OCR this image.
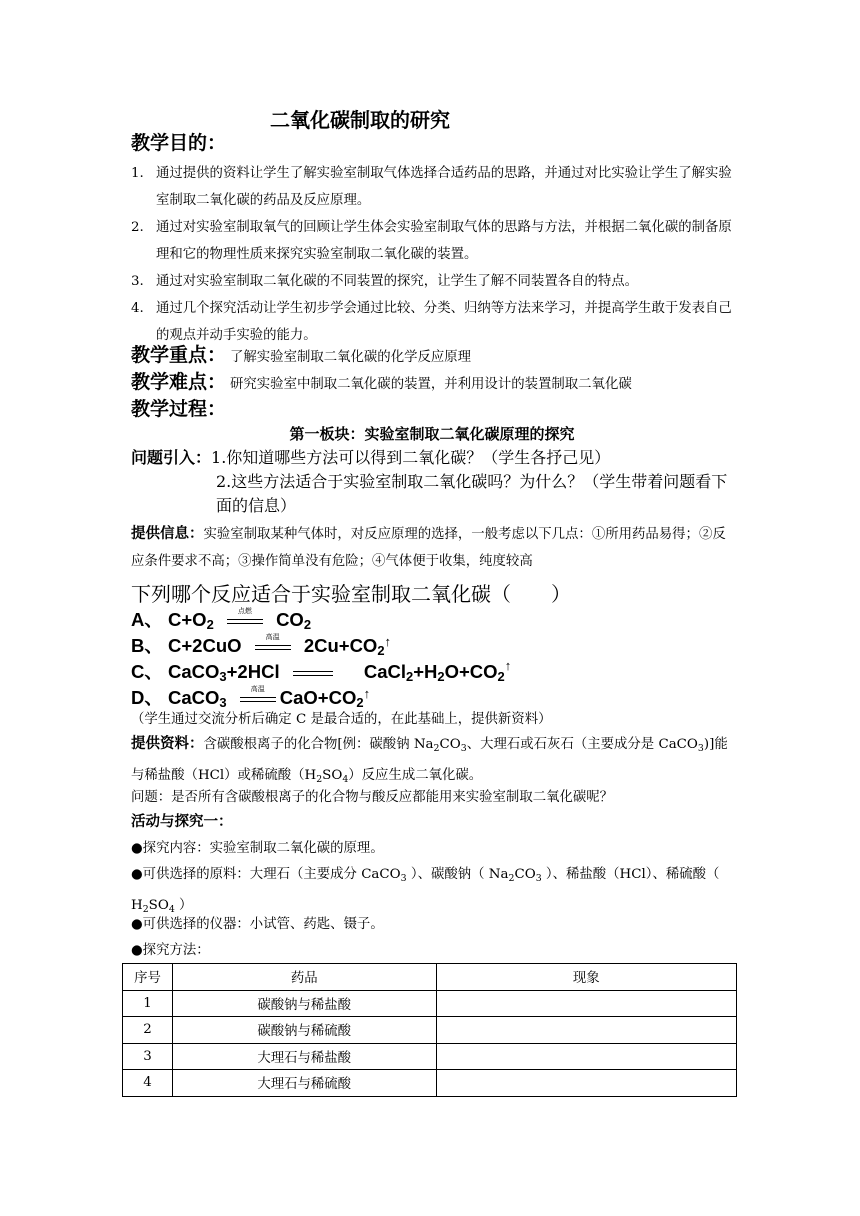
二氧化碳制取的研究
教学目的：
1. 通过提供的资料让学生了解实验室制取气体选择合适药品的思路，并通过对比实验让学生了解实验室制取二氧化碳的药品及反应原理。
2. 通过对实验室制取氧气的回顾让学生体会实验室制取气体的思路与方法，并根据二氧化碳的制备原理和它的物理性质来探究实验室制取二氧化碳的装置。
3. 通过对实验室制取二氧化碳的不同装置的探究，让学生了解不同装置各自的特点。
4. 通过几个探究活动让学生初步学会通过比较、分类、归纳等方法来学习，并提高学生敢于发表自己的观点并动手实验的能力。
教学重点： 了解实验室制取二氧化碳的化学反应原理
教学难点： 研究实验室中制取二氧化碳的装置，并利用设计的装置制取二氧化碳
教学过程：
第一板块：实验室制取二氧化碳原理的探究
问题引入：1.你知道哪些方法可以得到二氧化碳？（学生各抒己见）
2.这些方法适合于实验室制取二氧化碳吗？为什么？（学生带着问题看下面的信息）
提供信息：实验室制取某种气体时，对反应原理的选择，一般考虑以下几点：①所用药品易得；②反应条件要求不高；③操作简单没有危险；④气体便于收集，纯度较高
下列哪个反应适合于实验室制取二氧化碳（　　）
A、 $C+O_2$
点燃	$CO_2$
B、 C+2CuO	高温	$2Cu+CO_2^↑$
C、 CaCO$_3$+2HCl	$CaCl_2+H_2O+CO_2^↑$
D、 CaCO$_3$
高温 $CaO+CO_2^↑$
（学生通过交流分析后确定 C 是最合适的，在此基础上，提供新资料）
提供资料：含碳酸根离子的化合物[例：碳酸钠 $Na_2CO_3$、大理石或石灰石（主要成分是 CaCO$_3$)]能与稀盐酸（HCl）或稀硫酸$(H_2SO_4)$反应生成二氧化碳。
问题：是否所有含碳酸根离子的化合物与酸反应都能用来实验室制取二氧化碳呢？
活动与探究一：
●探究内容：实验室制取二氧化碳的原理。
●可供选择的原料：大理石（主要成分 CaCO$_3$ ）、碳酸钠（ $Na_2CO_3$ ）、稀盐酸（HCl）、稀硫酸（ $H_2SO_4$ ）
●可供选择的仪器：小试管、药匙、镊子。
●探究方法：
序号	药品	现象
1	碳酸钠与稀盐酸	
2	碳酸钠与稀硫酸	
3	大理石与稀盐酸	
4	大理石与稀硫酸	
